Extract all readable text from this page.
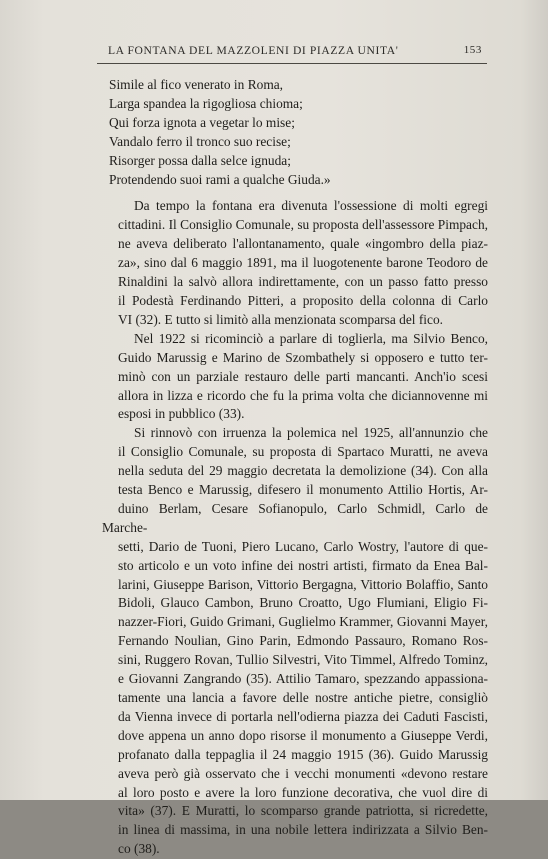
LA FONTANA DEL MAZZOLENI DI PIAZZA UNITA'	153
Simile al fico venerato in Roma,
Larga spandea la rigogliosa chioma;
Qui forza ignota a vegetar lo mise;
Vandalo ferro il tronco suo recise;
Risorger possa dalla selce ignuda;
Protendendo suoi rami a qualche Giuda.»
Da tempo la fontana era divenuta l'ossessione di molti egregi
cittadini. Il Consiglio Comunale, su proposta dell'assessore Pimpach,
ne aveva deliberato l'allontanamento, quale «ingombro della piaz-
za», sino dal 6 maggio 1891, ma il luogotenente barone Teodoro de
Rinaldini la salvò allora indirettamente, con un passo fatto presso
il Podestà Ferdinando Pitteri, a proposito della colonna di Carlo
VI (32). E tutto si limitò alla menzionata scomparsa del fico.
Nel 1922 si ricominciò a parlare di toglierla, ma Silvio Benco,
Guido Marussig e Marino de Szombathely si opposero e tutto ter-
minò con un parziale restauro delle parti mancanti. Anch'io scesi
allora in lizza e ricordo che fu la prima volta che diciannovenne mi
esposi in pubblico (33).
Si rinnovò con irruenza la polemica nel 1925, all'annunzio che
il Consiglio Comunale, su proposta di Spartaco Muratti, ne aveva
nella seduta del 29 maggio decretata la demolizione (34). Con alla
testa Benco e Marussig, difesero il monumento Attilio Hortis, Ar-
duino Berlam, Cesare Sofianopulo, Carlo Schmidl, Carlo de Marche-
setti, Dario de Tuoni, Piero Lucano, Carlo Wostry, l'autore di que-
sto articolo e un voto infine dei nostri artisti, firmato da Enea Bal-
larini, Giuseppe Barison, Vittorio Bergagna, Vittorio Bolaffio, Santo
Bidoli, Glauco Cambon, Bruno Croatto, Ugo Flumiani, Eligio Fi-
nazzer-Fiori, Guido Grimani, Guglielmo Krammer, Giovanni Mayer,
Fernando Noulian, Gino Parin, Edmondo Passauro, Romano Ros-
sini, Ruggero Rovan, Tullio Silvestri, Vito Timmel, Alfredo Tominz,
e Giovanni Zangrando (35). Attilio Tamaro, spezzando appassiona-
tamente una lancia a favore delle nostre antiche pietre, consigliò
da Vienna invece di portarla nell'odierna piazza dei Caduti Fascisti,
dove appena un anno dopo risorse il monumento a Giuseppe Verdi,
profanato dalla teppaglia il 24 maggio 1915 (36). Guido Marussig
aveva però già osservato che i vecchi monumenti «devono restare
al loro posto e avere la loro funzione decorativa, che vuol dire di
vita» (37). E Muratti, lo scomparso grande patriotta, si ricredette,
in linea di massima, in una nobile lettera indirizzata a Silvio Ben-
co (38).
